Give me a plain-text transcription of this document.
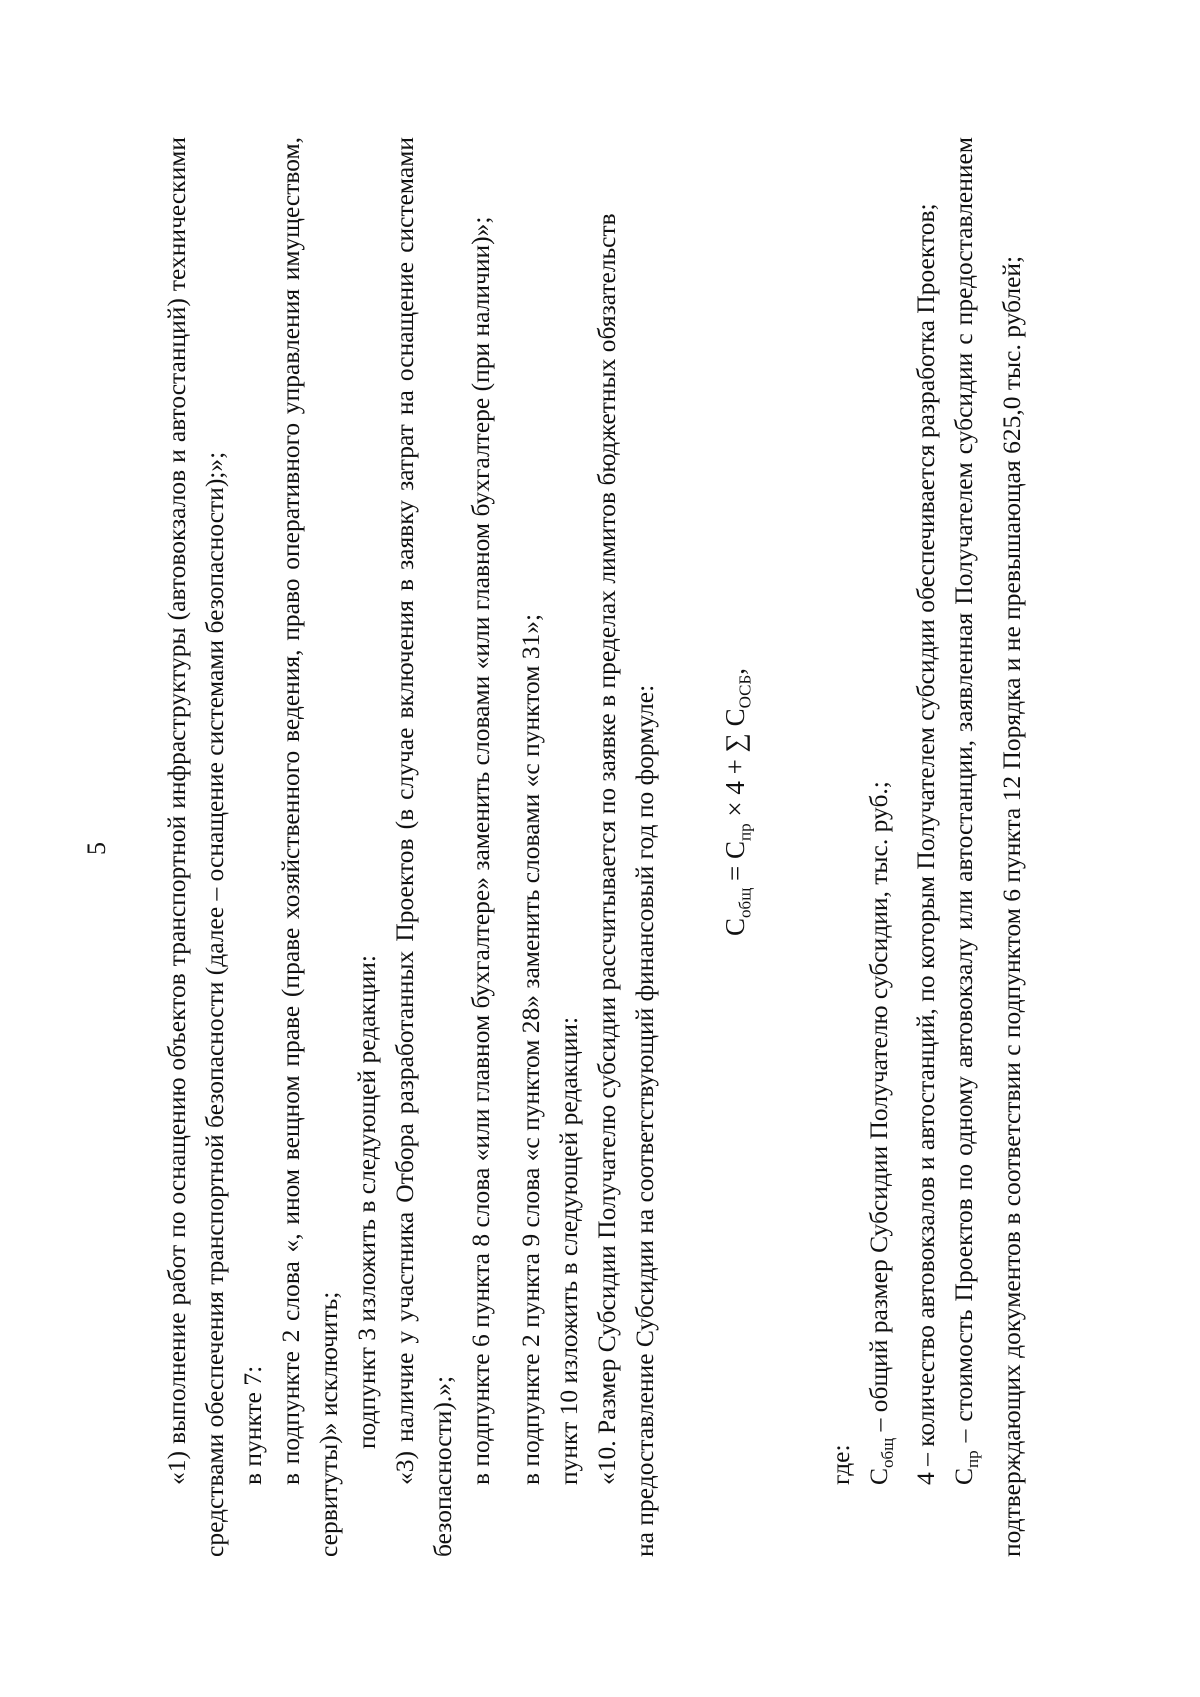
5 «1) выполнение работ по оснащению объектов транспортной инфраструктуры (автовокзалов и автостанций) техническими средствами обеспечения транспортной безопасности (далее – оснащение системами безопасности);»; в пункте 7: в подпункте 2 слова «, ином вещном праве (праве хозяйственного ведения, право оперативного управления имуществом, сервитуты)» исключить; подпункт 3 изложить в следующей редакции: «3) наличие у участника Отбора разработанных Проектов (в случае включения в заявку затрат на оснащение системами безопасности).»; в подпункте 6 пункта 8 слова «или главном бухгалтере» заменить словами «или главном бухгалтере (при наличии)»; в подпункте 2 пункта 9 слова «с пунктом 28» заменить словами «с пунктом 31»; пункт 10 изложить в следующей редакции: «10. Размер Субсидии Получателю субсидии рассчитывается по заявке в пределах лимитов бюджетных обязательств на предоставление Субсидии на соответствующий финансовый год по формуле: $C_{общ} = C_{пр} \times 4$ + ∑ $C_{ОСБ}$,

где: $C_{общ}$ – общий размер Субсидии Получателю субсидии, тыс. руб.; 4 – количество автовокзалов и автостанций, по которым Получателем субсидии обеспечивается разработка Проектов; $C_{пр}$ – стоимость Проектов по одному автовокзалу или автостанции, заявленная Получателем субсидии с предоставлением подтверждающих документов в соответствии с подпунктом 6 пункта 12 Порядка и не превышающая 625,0 тыс. рублей;
